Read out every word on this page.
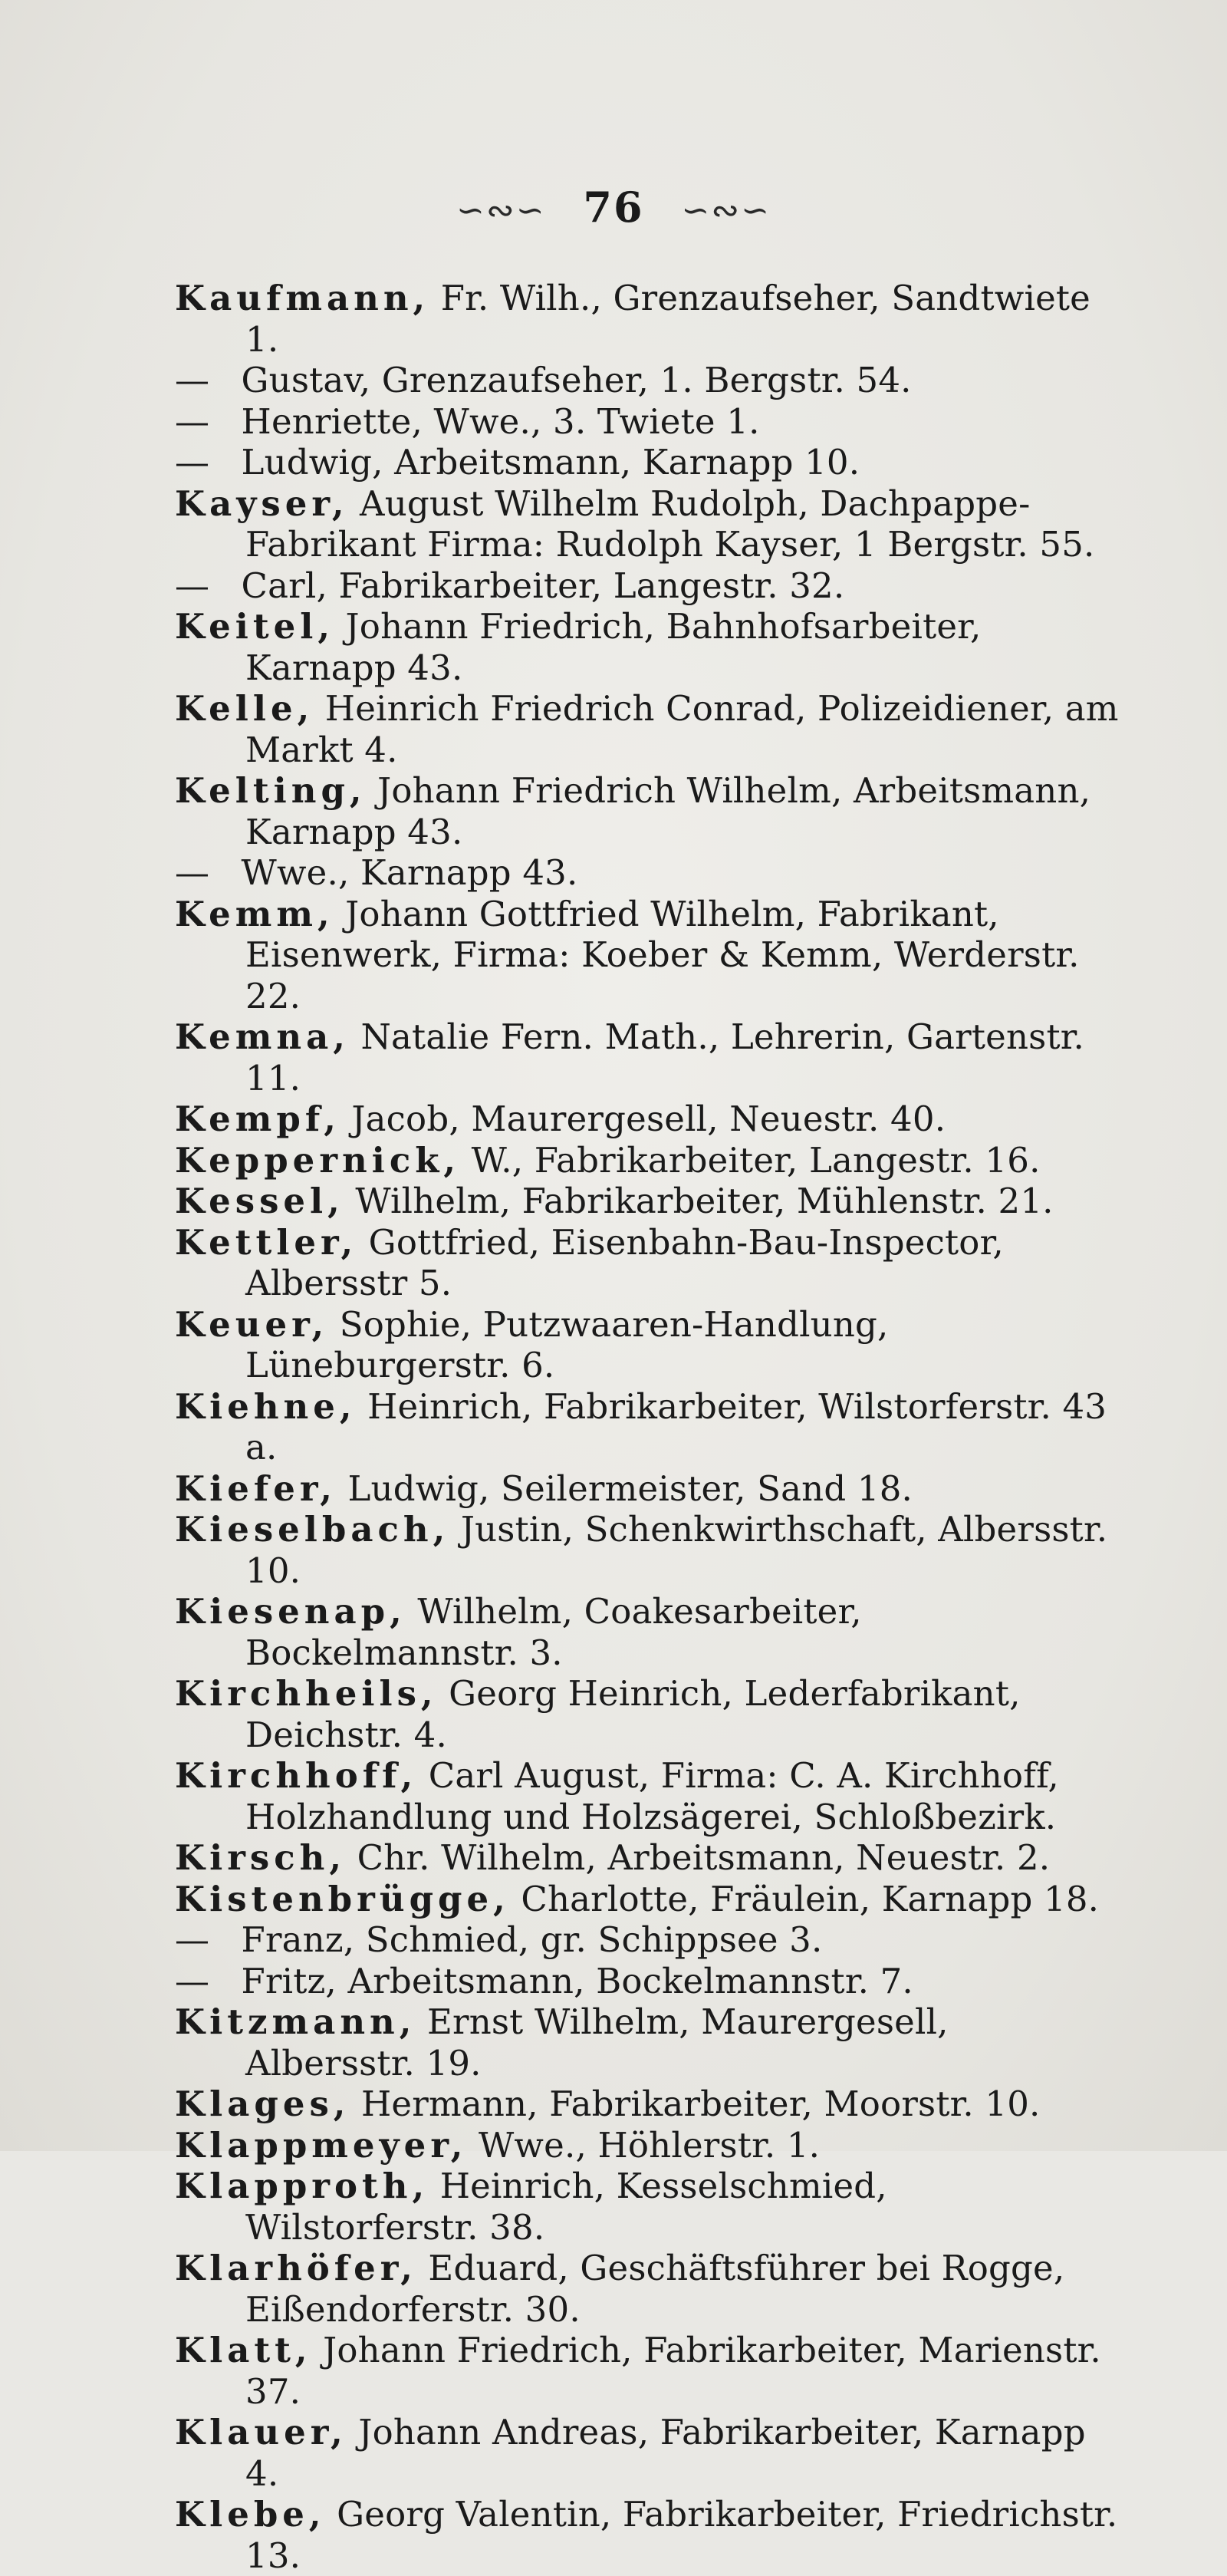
∽∾∽ 76 ∽∾∽
Kaufmann, Fr. Wilh., Grenzaufseher, Sandtwiete 1.
— Gustav, Grenzaufseher, 1. Bergstr. 54.
— Henriette, Wwe., 3. Twiete 1.
— Ludwig, Arbeitsmann, Karnapp 10.
Kayser, August Wilhelm Rudolph, Dachpappe-Fabrikant Firma: Rudolph Kayser, 1 Bergstr. 55.
— Carl, Fabrikarbeiter, Langestr. 32.
Keitel, Johann Friedrich, Bahnhofsarbeiter, Karnapp 43.
Kelle, Heinrich Friedrich Conrad, Polizeidiener, am Markt 4.
Kelting, Johann Friedrich Wilhelm, Arbeitsmann, Karnapp 43.
— Wwe., Karnapp 43.
Kemm, Johann Gottfried Wilhelm, Fabrikant, Eisenwerk, Firma: Koeber & Kemm, Werderstr. 22.
Kemna, Natalie Fern. Math., Lehrerin, Gartenstr. 11.
Kempf, Jacob, Maurergesell, Neuestr. 40.
Keppernick, W., Fabrikarbeiter, Langestr. 16.
Kessel, Wilhelm, Fabrikarbeiter, Mühlenstr. 21.
Kettler, Gottfried, Eisenbahn-Bau-Inspector, Albersstr 5.
Keuer, Sophie, Putzwaaren-Handlung, Lüneburgerstr. 6.
Kiehne, Heinrich, Fabrikarbeiter, Wilstorferstr. 43 a.
Kiefer, Ludwig, Seilermeister, Sand 18.
Kieselbach, Justin, Schenkwirthschaft, Albersstr. 10.
Kiesenap, Wilhelm, Coakesarbeiter, Bockelmannstr. 3.
Kirchheils, Georg Heinrich, Lederfabrikant, Deichstr. 4.
Kirchhoff, Carl August, Firma: C. A. Kirchhoff, Holzhandlung und Holzsägerei, Schloßbezirk.
Kirsch, Chr. Wilhelm, Arbeitsmann, Neuestr. 2.
Kistenbrügge, Charlotte, Fräulein, Karnapp 18.
— Franz, Schmied, gr. Schippsee 3.
— Fritz, Arbeitsmann, Bockelmannstr. 7.
Kitzmann, Ernst Wilhelm, Maurergesell, Albersstr. 19.
Klages, Hermann, Fabrikarbeiter, Moorstr. 10.
Klappmeyer, Wwe., Höhlerstr. 1.
Klapproth, Heinrich, Kesselschmied, Wilstorferstr. 38.
Klarhöfer, Eduard, Geschäftsführer bei Rogge, Eißendorferstr. 30.
Klatt, Johann Friedrich, Fabrikarbeiter, Marienstr. 37.
Klauer, Johann Andreas, Fabrikarbeiter, Karnapp 4.
Klebe, Georg Valentin, Fabrikarbeiter, Friedrichstr. 13.
